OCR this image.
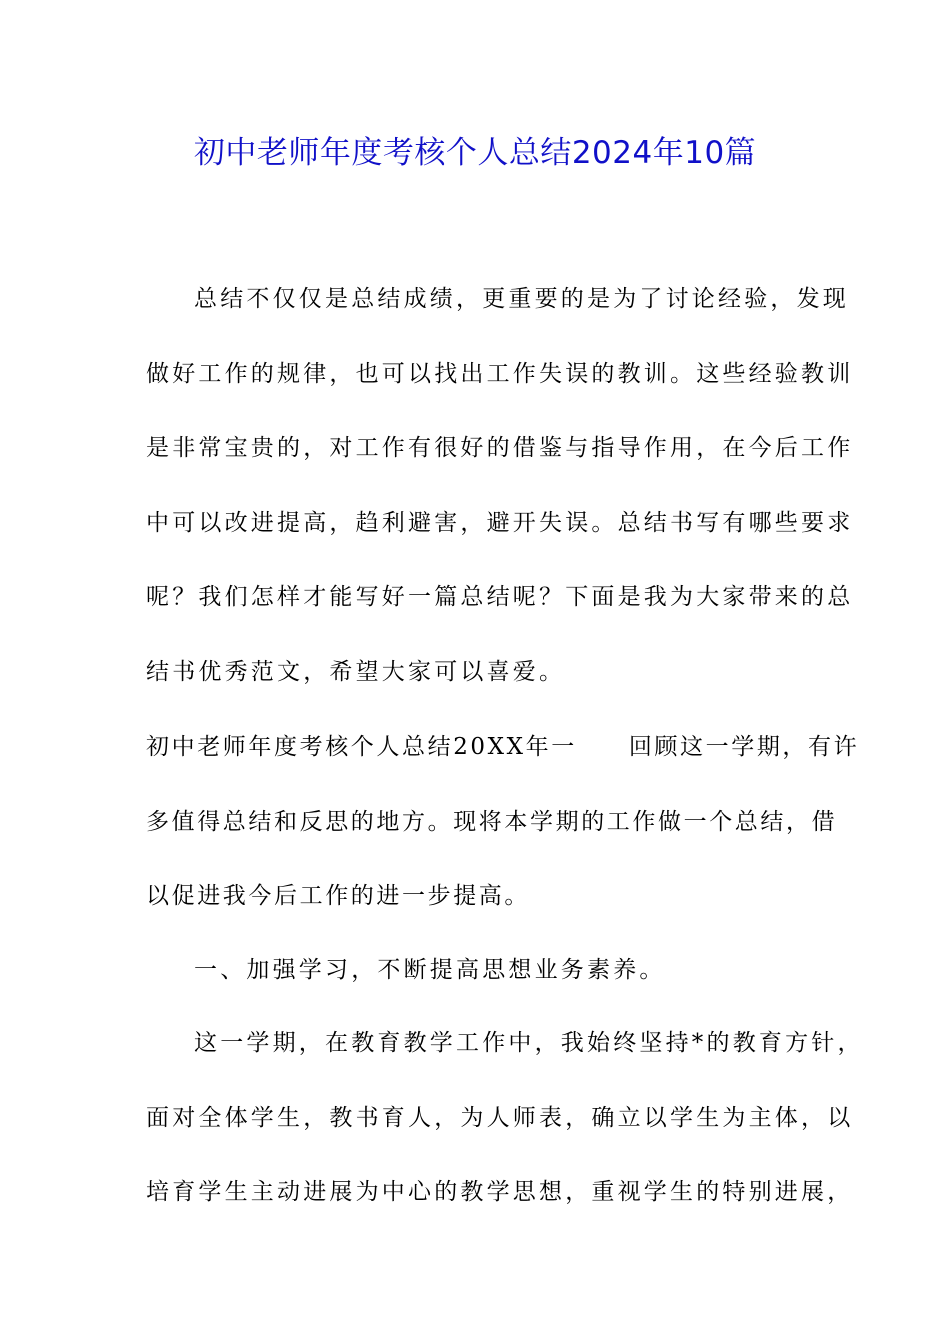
初中老师年度考核个人总结2024年10篇
总结不仅仅是总结成绩，更重要的是为了讨论经验，发现
做好工作的规律，也可以找出工作失误的教训。这些经验教训
是非常宝贵的，对工作有很好的借鉴与指导作用，在今后工作
中可以改进提高，趋利避害，避开失误。总结书写有哪些要求
呢？我们怎样才能写好一篇总结呢？下面是我为大家带来的总
结书优秀范文，希望大家可以喜爱。
初中老师年度考核个人总结20XX年一 回顾这一学期，有许
多值得总结和反思的地方。现将本学期的工作做一个总结，借
以促进我今后工作的进一步提高。
一、加强学习，不断提高思想业务素养。
这一学期，在教育教学工作中，我始终坚持*的教育方针，
面对全体学生，教书育人，为人师表，确立以学生为主体，以
培育学生主动进展为中心的教学思想，重视学生的特别进展，
